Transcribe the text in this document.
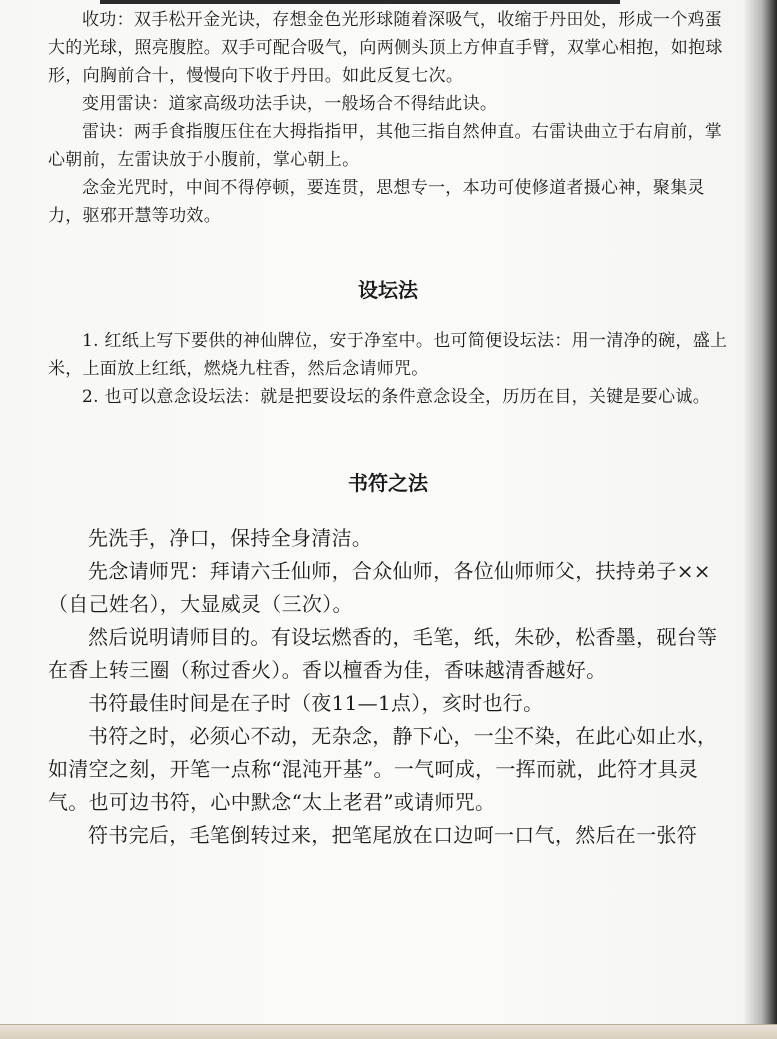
收功：双手松开金光诀，存想金色光形球随着深吸气，收缩于丹田处，形成一个鸡蛋大的光球，照亮腹腔。双手可配合吸气，向两侧头顶上方伸直手臂，双掌心相抱，如抱球形，向胸前合十，慢慢向下收于丹田。如此反复七次。

变用雷诀：道家高级功法手诀，一般场合不得结此诀。

雷诀：两手食指腹压住在大拇指指甲，其他三指自然伸直。右雷诀曲立于右肩前，掌心朝前，左雷诀放于小腹前，掌心朝上。

念金光咒时，中间不得停顿，要连贯，思想专一，本功可使修道者摄心神，聚集灵力，驱邪开慧等功效。

设坛法

1. 红纸上写下要供的神仙牌位，安于净室中。也可简便设坛法：用一清净的碗，盛上米，上面放上红纸，燃烧九柱香，然后念请师咒。

2. 也可以意念设坛法：就是把要设坛的条件意念设全，历历在目，关键是要心诚。

书符之法

先洗手，净口，保持全身清洁。

先念请师咒：拜请六壬仙师，合众仙师，各位仙师师父，扶持弟子××（自己姓名），大显威灵（三次）。

然后说明请师目的。有设坛燃香的，毛笔，纸，朱砂，松香墨，砚台等在香上转三圈（称过香火）。香以檀香为佳，香味越清香越好。

书符最佳时间是在子时（夜11—1点），亥时也行。

书符之时，必须心不动，无杂念，静下心，一尘不染，在此心如止水，如清空之刻，开笔一点称“混沌开基”。一气呵成，一挥而就，此符才具灵气。也可边书符，心中默念“太上老君”或请师咒。

符书完后，毛笔倒转过来，把笔尾放在口边呵一口气，然后在一张符
